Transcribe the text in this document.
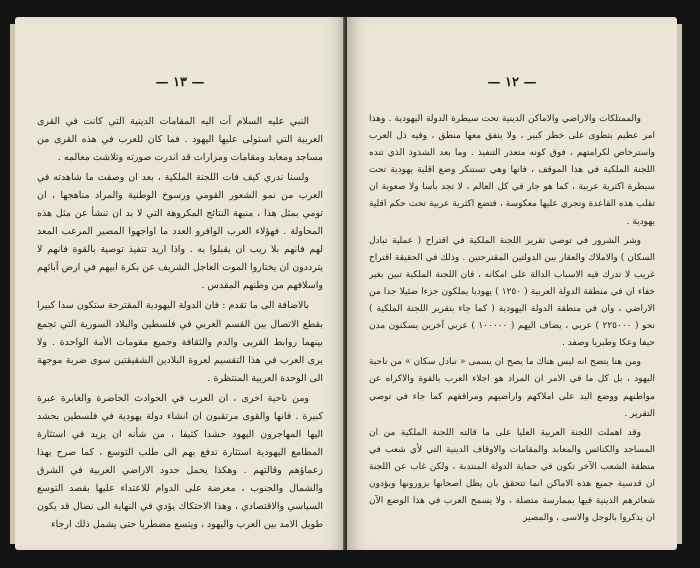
— ١٣ —

النبي عليه السلام آت اليه المقامات الدينية التي كانت في القرى العربية التي استولى عليها اليهود . فما كان للعرب في هذه القرى من مساجد ومعابد ومقامات ومزارات قد اندرت صورته وتلاشت معالمه .

ولسنا ندري كيف فات اللجنة الملكية ، بعد ان وصفت ما شاهدته في العرب من نمو الشعور القومي ورسوخ الوطنية والمراد مناهجها ، ان تومي بمثل هذا ، منبهة النتائج المكروهة التي لا بد ان تنشأ عن مثل هذه المحاولة . فهؤلاء العرب الوافرو العدد ما اواجهوا المصير المرعب المعد لهم فانهم بلا ريب ان يقبلوا به . واذا اريد تنفيذ توصية بالقوة فانهم لا يترددون ان يختاروا الموت العاجل الشريف عن بكرة ابيهم في ارض آبائهم واسلافهم من وطنهم المقدس .

بالاضافة الى ما تقدم : فان الدولة اليهودية المقترحة ستكون سدا كبيرا بقطع الاتصال بين القسم العربي في فلسطين والبلاد السورية التي تجمع بينهما روابط القربى والدم والثقافة وجميع مقومات الأمة الواحدة . ولا يرى العرب في هذا التقسيم لعروة البلادين الشقيقتين سوى ضربة موجهة الى الوحدة العربية المنتظرة .

ومن ناحية اخرى ، ان العرب في الحوادث الحاضرة والغابرة عبرة كبيرة . فانها والقوى مرتقبون ان انشاء دولة يهودية في فلسطين بحشد اليها المهاجرون اليهود حشدا كثيفا ، من شأنه ان يزيد في استثارة المطامع اليهودية استثارة تدفع بهم الى طلب التوسع ، كما صرح بهذا زعماؤهم وقالتهم . وهكذا يحمل حدود الاراضي العربية في الشرق والشمال والجنوب ، معرضة على الدوام للاعتداء عليها بقصد التوسع السياسي والاقتصادي ، وهذا الاحتكاك يؤدي في النهاية الى نضال قد يكون طويل الامد بين العرب واليهود ، ويتسع مضطربا حتى يشمل ذلك ارجاء

— ١٢ —

والممتلكات والاراضي والاماكن الدينية تحت سيطرة الدولة اليهودية . وهذا امر عظيم بتطوى على خطر كبير ، ولا يتفق معها منطق ، وفيه ذل العرب واسترخاص لكرامتهم ، فوق كونه متعذر التنفيذ . وما بعد الشذوذ الذي تنده اللجنة الملكية في هذا الموقف ، فانها وهي تستنكر وضع اقلية يهودية تحت سيطرة اكثرية عربية ، كما هو جار في كل العالم ، لا تجد بأسا ولا صعوبة ان تقلب هذه القاعدة وتجري عليها معكوسة ، فتضع اكثرية عربية تحت حكم اقلية يهودية .

وشر الشرور في توصي تقرير اللجنة الملكية في اقتراح ( عملية تبادل السكان ) والاملاك والعقار بين الدولتين المقترحتين . وذلك في الحقيقة اقتراح غريب لا تدرك فيه الاسباب الدالة على امكانه ، فان اللجنة الملكية تبين بغير خفاء ان في منطقة الدولة العربية ( ١٢٥٠ ) يهوديا يملكون جزءا ضئيلا جدا من الاراضي ، وان في منطقة الدولة اليهودية ( كما جاء بتقرير اللجنة الملكية ) نحو ( ٢٢٥٠٠٠ ) عربي ، يضاف اليهم ( ١٠٠٠٠٠ ) عربي آخرين يسكنون مدن حيفا وعكا وطبريا وصفد .

ومن هنا يتضح انه ليس هناك ما يصح ان يسمى « تبادل سكان » من ناحية اليهود ، بل كل ما في الامر ان المراد هو اجلاء العرب بالقوة والاكراه عن مواطنهم ووضع اليد على املاكهم واراضيهم ومراقفهم كما جاء في توصي التقرير .

وقد اهملت اللجنة العربية العليا على ما قالته اللجنة الملكية من ان المساجد والكنائس والمعابد والمقامات والاوقاف الدينية التي لأي شعب في منطقة الشعب الآخر تكون في حماية الدولة المنتدبة ، ولكن غاب عن اللجنة ان قدسية جميع هذه الاماكن انما تتحقق بان يظل اصحابها يزورونها ويؤدون شعائرهم الدينية فيها بممارسة متصلة ، ولا يسمح العرب في هذا الوضع الآن ان يذكروا بالوجل والاسى ، والمصير
